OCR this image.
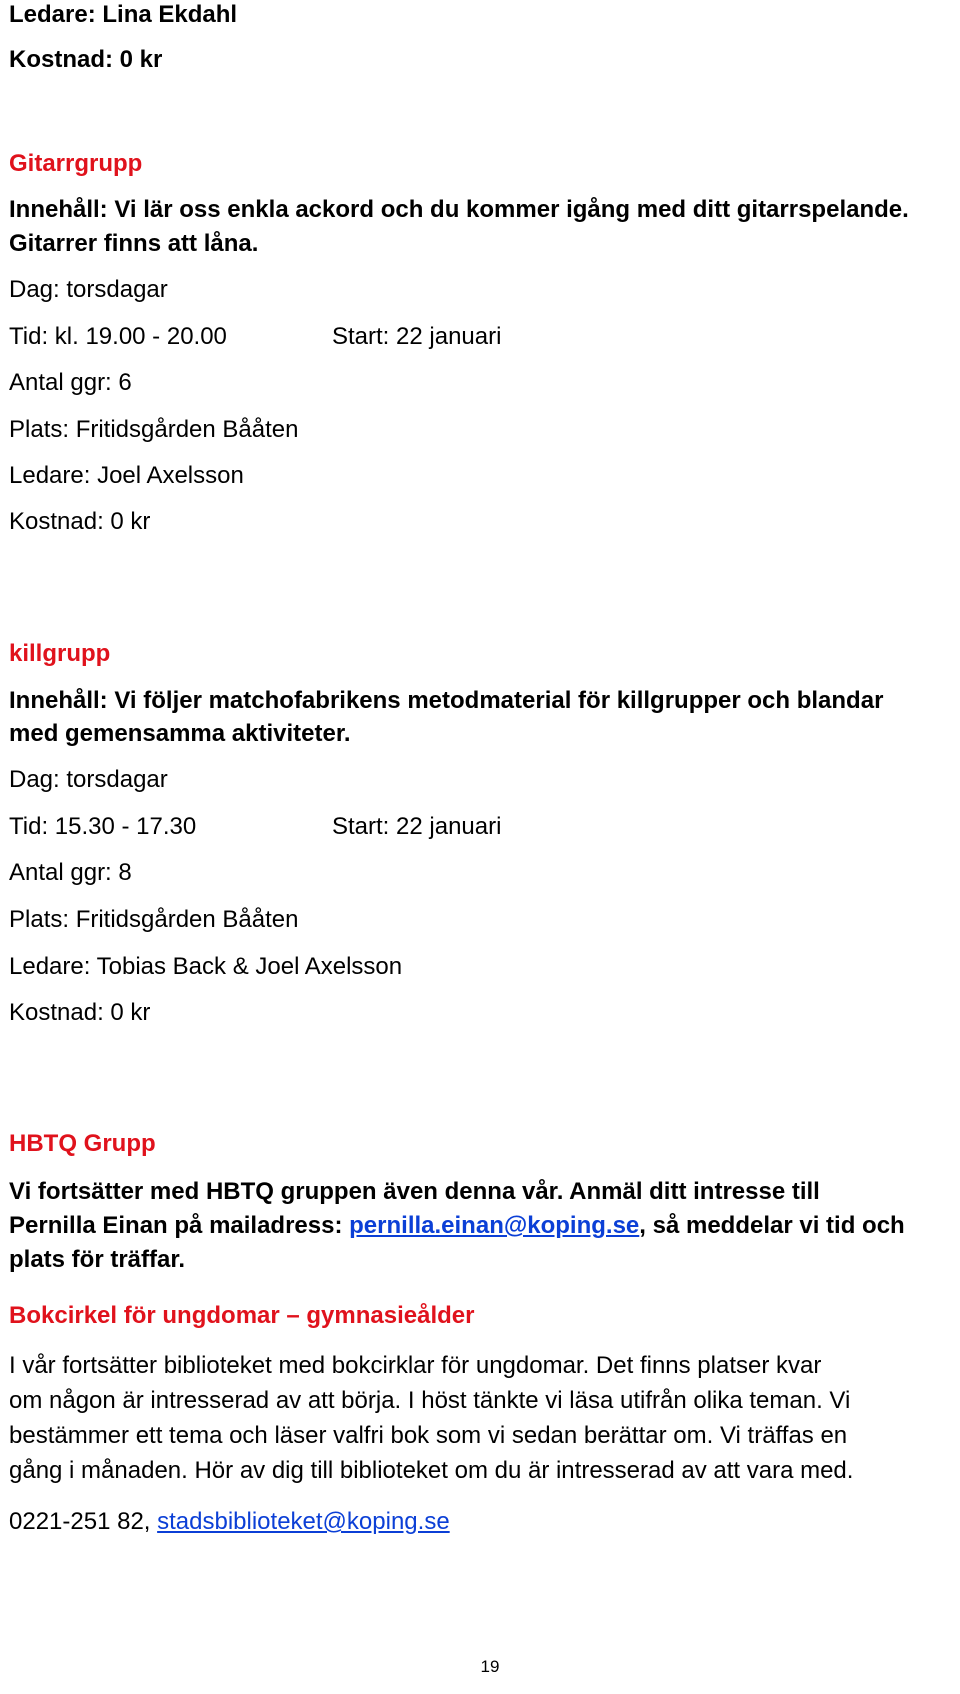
Ledare: Lina Ekdahl

Kostnad: 0 kr

Gitarrgrupp

Innehåll: Vi lär oss enkla ackord och du kommer igång med ditt gitarrspelande.

Gitarrer finns att låna.

Dag: torsdagar

Tid: kl. 19.00 - 20.00	Start: 22 januari

Antal ggr: 6

Plats: Fritidsgården Bååten

Ledare: Joel Axelsson

Kostnad: 0 kr

killgrupp

Innehåll: Vi följer matchofabrikens metodmaterial för killgrupper och blandar

med gemensamma aktiviteter.

Dag: torsdagar

Tid: 15.30 - 17.30	Start: 22 januari

Antal ggr: 8

Plats: Fritidsgården Bååten

Ledare: Tobias Back & Joel Axelsson

Kostnad: 0 kr

HBTQ Grupp

Vi fortsätter med HBTQ gruppen även denna vår. Anmäl ditt intresse till

Pernilla Einan på mailadress: pernilla.einan@koping.se, så meddelar vi tid och

plats för träffar.

Bokcirkel för ungdomar – gymnasieålder

I vår fortsätter biblioteket med bokcirklar för ungdomar. Det finns platser kvar

om någon är intresserad av att börja. I höst tänkte vi läsa utifrån olika teman. Vi

bestämmer ett tema och läser valfri bok som vi sedan berättar om. Vi träffas en

gång i månaden. Hör av dig till biblioteket om du är intresserad av att vara med.

0221-251 82, stadsbiblioteket@koping.se

19
